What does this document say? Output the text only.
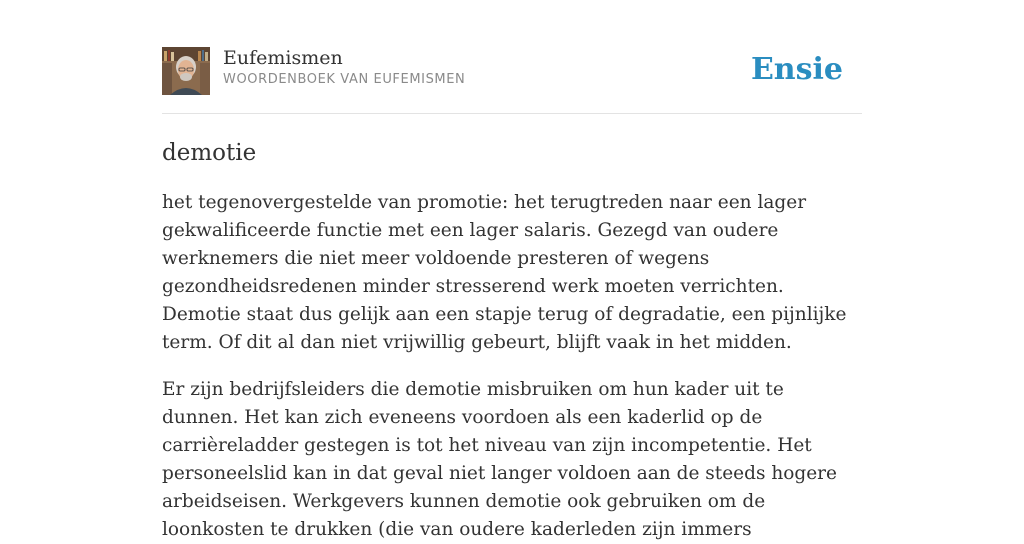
Eufemismen
WOORDENBOEK VAN EUFEMISMEN	Ensie
demotie

het tegenovergestelde van promotie: het terugtreden naar een lager gekwalificeerde functie met een lager salaris. Gezegd van oudere werknemers die niet meer voldoende presteren of wegens gezondheidsredenen minder stresserend werk moeten verrichten. Demotie staat dus gelijk aan een stapje terug of degradatie, een pijnlijke term. Of dit al dan niet vrijwillig gebeurt, blijft vaak in het midden.

Er zijn bedrijfsleiders die demotie misbruiken om hun kader uit te dunnen. Het kan zich eveneens voordoen als een kaderlid op de carrièreladder gestegen is tot het niveau van zijn incompetentie. Het personeelslid kan in dat geval niet langer voldoen aan de steeds hogere arbeidseisen. Werkgevers kunnen demotie ook gebruiken om de loonkosten te drukken (die van oudere kaderleden zijn immers
